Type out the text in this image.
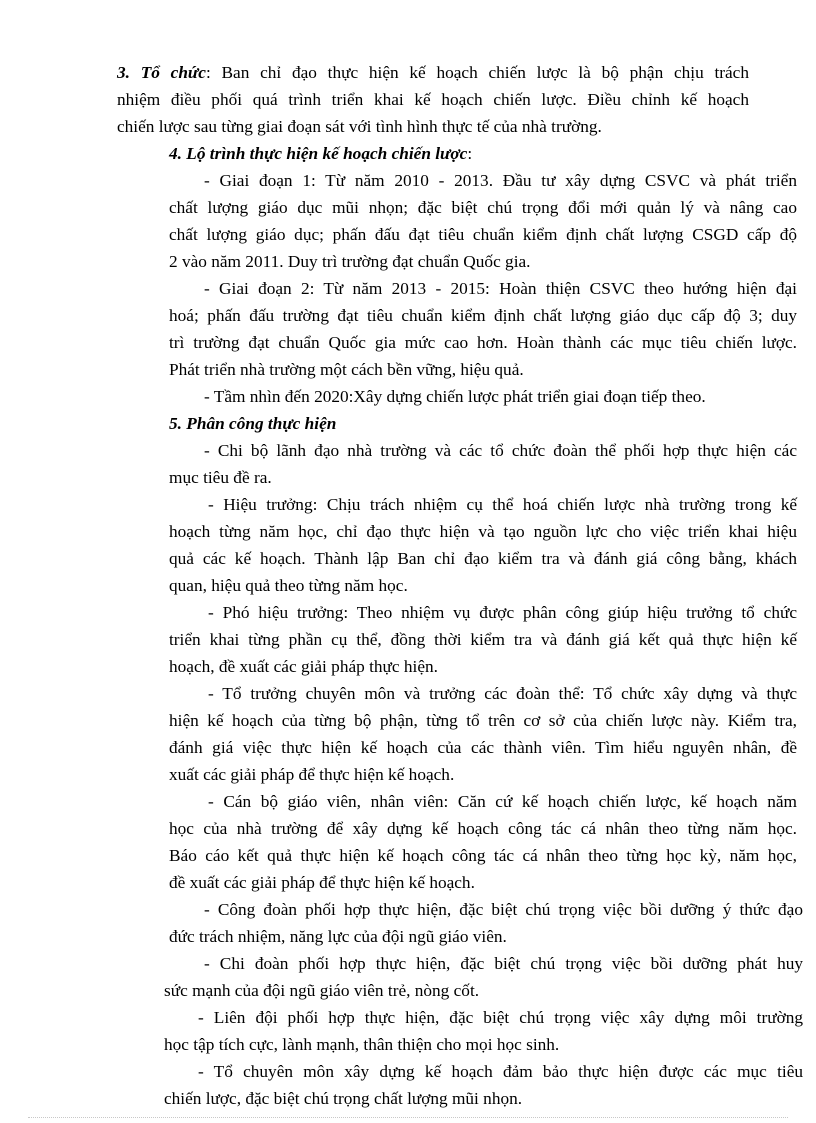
3. Tổ chức: Ban chỉ đạo thực hiện kế hoạch chiến lược là bộ phận chịu trách
nhiệm điều phối quá trình triển khai kế hoạch chiến lược. Điều chỉnh kế hoạch
chiến lược sau từng giai đoạn sát với tình hình thực tế của nhà trường.
4. Lộ trình thực hiện kế hoạch chiến lược:
- Giai đoạn 1: Từ năm 2010 - 2013. Đầu tư xây dựng CSVC và phát triển
chất lượng giáo dục mũi nhọn; đặc biệt chú trọng đổi mới quản lý và nâng cao
chất lượng giáo dục; phấn đấu đạt tiêu chuẩn kiểm định chất lượng CSGD cấp độ
2 vào năm 2011. Duy trì trường đạt chuẩn Quốc gia.
- Giai đoạn 2: Từ năm 2013 - 2015: Hoàn thiện CSVC theo hướng hiện đại
hoá; phấn đấu trường đạt tiêu chuẩn kiểm định chất lượng giáo dục cấp độ 3; duy
trì trường đạt chuẩn Quốc gia mức cao hơn. Hoàn thành các mục tiêu chiến lược.
Phát triển nhà trường một cách bền vững, hiệu quả.
- Tầm nhìn đến 2020:Xây dựng chiến lược phát triển giai đoạn tiếp theo.
5. Phân công thực hiện
- Chi bộ lãnh đạo nhà trường và các tổ chức đoàn thể phối hợp thực hiện các
mục tiêu đề ra.
- Hiệu trưởng: Chịu trách nhiệm cụ thể hoá chiến lược nhà trường trong kế
hoạch từng năm học, chỉ đạo thực hiện và tạo nguồn lực cho việc triển khai hiệu
quả các kế hoạch. Thành lập Ban chỉ đạo kiểm tra và đánh giá công bằng, khách
quan, hiệu quả theo từng năm học.
- Phó hiệu trưởng: Theo nhiệm vụ được phân công giúp hiệu trưởng tổ chức
triển khai từng phần cụ thể, đồng thời kiểm tra và đánh giá kết quả thực hiện kế
hoạch, đề xuất các giải pháp thực hiện.
- Tổ trưởng chuyên môn và trưởng các đoàn thể: Tổ chức xây dựng và thực
hiện kế hoạch của từng bộ phận, từng tổ trên cơ sở của chiến lược này. Kiểm tra,
đánh giá việc thực hiện kế hoạch của các thành viên. Tìm hiểu nguyên nhân, đề
xuất các giải pháp để thực hiện kế hoạch.
- Cán bộ giáo viên, nhân viên: Căn cứ kế hoạch chiến lược, kế hoạch năm
học của nhà trường để xây dựng kế hoạch công tác cá nhân theo từng năm học.
Báo cáo kết quả thực hiện kế hoạch công tác cá nhân theo từng học kỳ, năm học,
đề xuất các giải pháp để thực hiện kế hoạch.
- Công đoàn phối hợp thực hiện, đặc biệt chú trọng việc bồi dưỡng ý thức đạo
đức trách nhiệm, năng lực của đội ngũ giáo viên.
- Chi đoàn phối hợp thực hiện, đặc biệt chú trọng việc bồi dưỡng phát huy
sức mạnh của đội ngũ giáo viên trẻ, nòng cốt.
- Liên đội phối hợp thực hiện, đặc biệt chú trọng việc xây dựng môi trường
học tập tích cực, lành mạnh, thân thiện cho mọi học sinh.
- Tổ chuyên môn xây dựng kế hoạch đảm bảo thực hiện được các mục tiêu
chiến lược, đặc biệt chú trọng chất lượng mũi nhọn.
